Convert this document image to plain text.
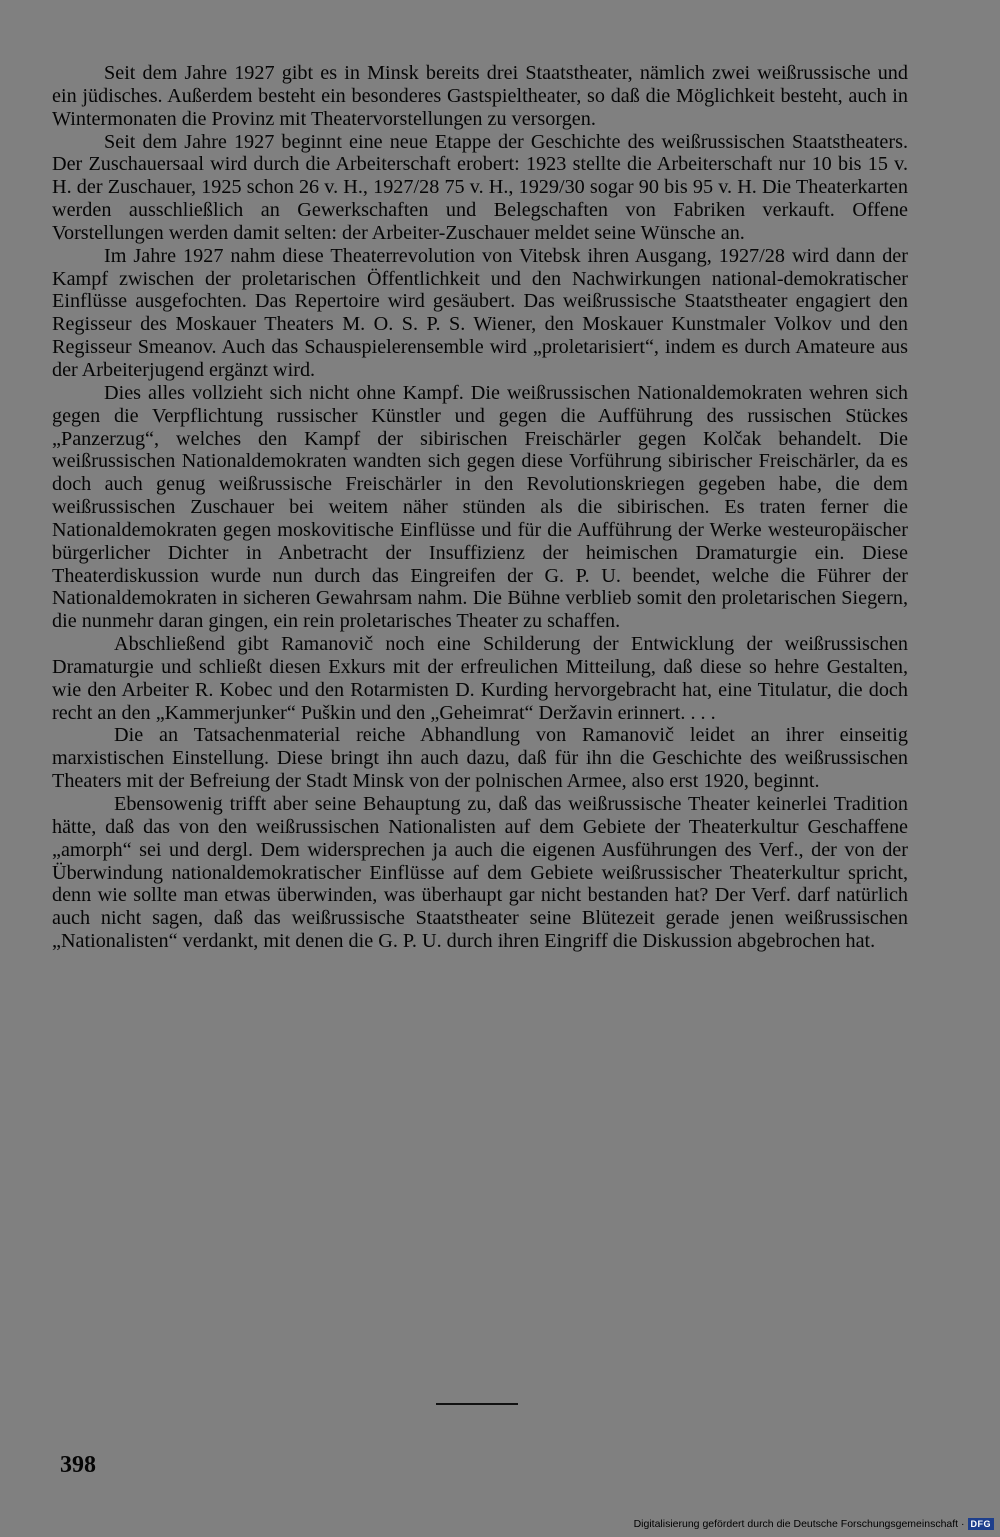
Seit dem Jahre 1927 gibt es in Minsk bereits drei Staatstheater, nämlich zwei weißrussische und ein jüdisches. Außerdem besteht ein besonderes Gastspieltheater, so daß die Möglichkeit besteht, auch in Wintermonaten die Provinz mit Theatervorstellungen zu versorgen.

Seit dem Jahre 1927 beginnt eine neue Etappe der Geschichte des weißrussischen Staatstheaters. Der Zuschauersaal wird durch die Arbeiterschaft erobert: 1923 stellte die Arbeiterschaft nur 10 bis 15 v. H. der Zuschauer, 1925 schon 26 v. H., 1927/28 75 v. H., 1929/30 sogar 90 bis 95 v. H. Die Theaterkarten werden ausschließlich an Gewerkschaften und Belegschaften von Fabriken verkauft. Offene Vorstellungen werden damit selten: der Arbeiter-Zuschauer meldet seine Wünsche an.

Im Jahre 1927 nahm diese Theaterrevolution von Vitebsk ihren Ausgang, 1927/28 wird dann der Kampf zwischen der proletarischen Öffentlichkeit und den Nachwirkungen national-demokratischer Einflüsse ausgefochten. Das Repertoire wird gesäubert. Das weißrussische Staatstheater engagiert den Regisseur des Moskauer Theaters M. O. S. P. S. Wiener, den Moskauer Kunstmaler Volkov und den Regisseur Smeanov. Auch das Schauspielerensemble wird „proletarisiert“, indem es durch Amateure aus der Arbeiterjugend ergänzt wird.

Dies alles vollzieht sich nicht ohne Kampf. Die weißrussischen Nationaldemokraten wehren sich gegen die Verpflichtung russischer Künstler und gegen die Aufführung des russischen Stückes „Panzerzug“, welches den Kampf der sibirischen Freischärler gegen Kolčak behandelt. Die weißrussischen Nationaldemokraten wandten sich gegen diese Vorführung sibirischer Freischärler, da es doch auch genug weißrussische Freischärler in den Revolutionskriegen gegeben habe, die dem weißrussischen Zuschauer bei weitem näher stünden als die sibirischen. Es traten ferner die Nationaldemokraten gegen moskovitische Einflüsse und für die Aufführung der Werke westeuropäischer bürgerlicher Dichter in Anbetracht der Insuffizienz der heimischen Dramaturgie ein. Diese Theaterdiskussion wurde nun durch das Eingreifen der G. P. U. beendet, welche die Führer der Nationaldemokraten in sicheren Gewahrsam nahm. Die Bühne verblieb somit den proletarischen Siegern, die nunmehr daran gingen, ein rein proletarisches Theater zu schaffen.

Abschließend gibt Ramanovič noch eine Schilderung der Entwicklung der weißrussischen Dramaturgie und schließt diesen Exkurs mit der erfreulichen Mitteilung, daß diese so hehre Gestalten, wie den Arbeiter R. Kobec und den Rotarmisten D. Kurding hervorgebracht hat, eine Titulatur, die doch recht an den „Kammerjunker“ Puškin und den „Geheimrat“ Deržavin erinnert. . . .

Die an Tatsachenmaterial reiche Abhandlung von Ramanovič leidet an ihrer einseitig marxistischen Einstellung. Diese bringt ihn auch dazu, daß für ihn die Geschichte des weißrussischen Theaters mit der Befreiung der Stadt Minsk von der polnischen Armee, also erst 1920, beginnt.

Ebensowenig trifft aber seine Behauptung zu, daß das weißrussische Theater keinerlei Tradition hätte, daß das von den weißrussischen Nationalisten auf dem Gebiete der Theaterkultur Geschaffene „amorph“ sei und dergl. Dem widersprechen ja auch die eigenen Ausführungen des Verf., der von der Überwindung nationaldemokratischer Einflüsse auf dem Gebiete weißrussischer Theaterkultur spricht, denn wie sollte man etwas überwinden, was überhaupt gar nicht bestanden hat? Der Verf. darf natürlich auch nicht sagen, daß das weißrussische Staatstheater seine Blütezeit gerade jenen weißrussischen „Nationalisten“ verdankt, mit denen die G. P. U. durch ihren Eingriff die Diskussion abgebrochen hat.

398
Digitalisierung gefördert durch die Deutsche Forschungsgemeinschaft · DFG
